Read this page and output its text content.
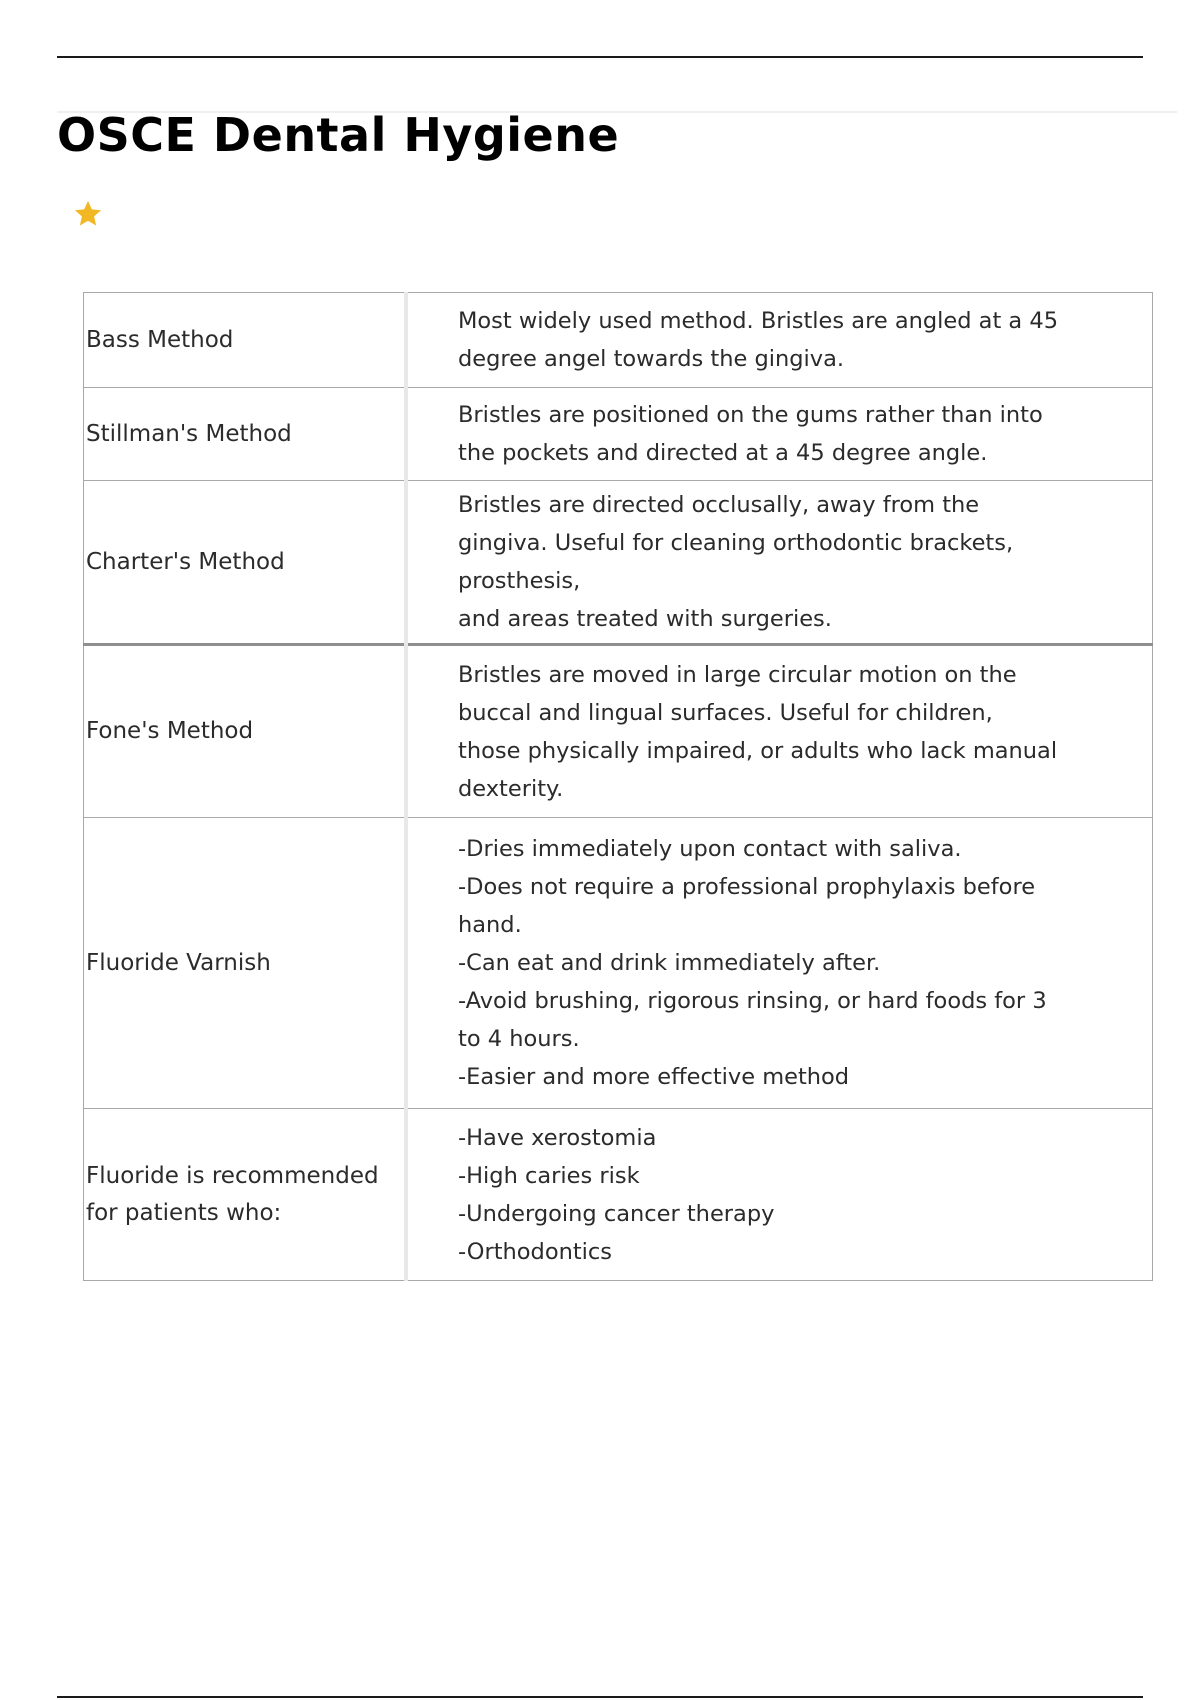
OSCE Dental Hygiene
Bass Method	Most widely used method. Bristles are angled at a 45 degree angel towards the gingiva.

Stillman's Method	Bristles are positioned on the gums rather than into the pockets and directed at a 45 degree angle.

Charter's Method	Bristles are directed occlusally, away from the gingiva. Useful for cleaning orthodontic brackets, prosthesis,
and areas treated with surgeries.

Fone's Method	Bristles are moved in large circular motion on the buccal and lingual surfaces. Useful for children, those physically impaired, or adults who lack manual dexterity.

Fluoride Varnish	-Dries immediately upon contact with saliva.
-Does not require a professional prophylaxis before hand.
-Can eat and drink immediately after.
-Avoid brushing, rigorous rinsing, or hard foods for 3 to 4 hours.
-Easier and more effective method

Fluoride is recommended for patients who:	-Have xerostomia
-High caries risk
-Undergoing cancer therapy
-Orthodontics
